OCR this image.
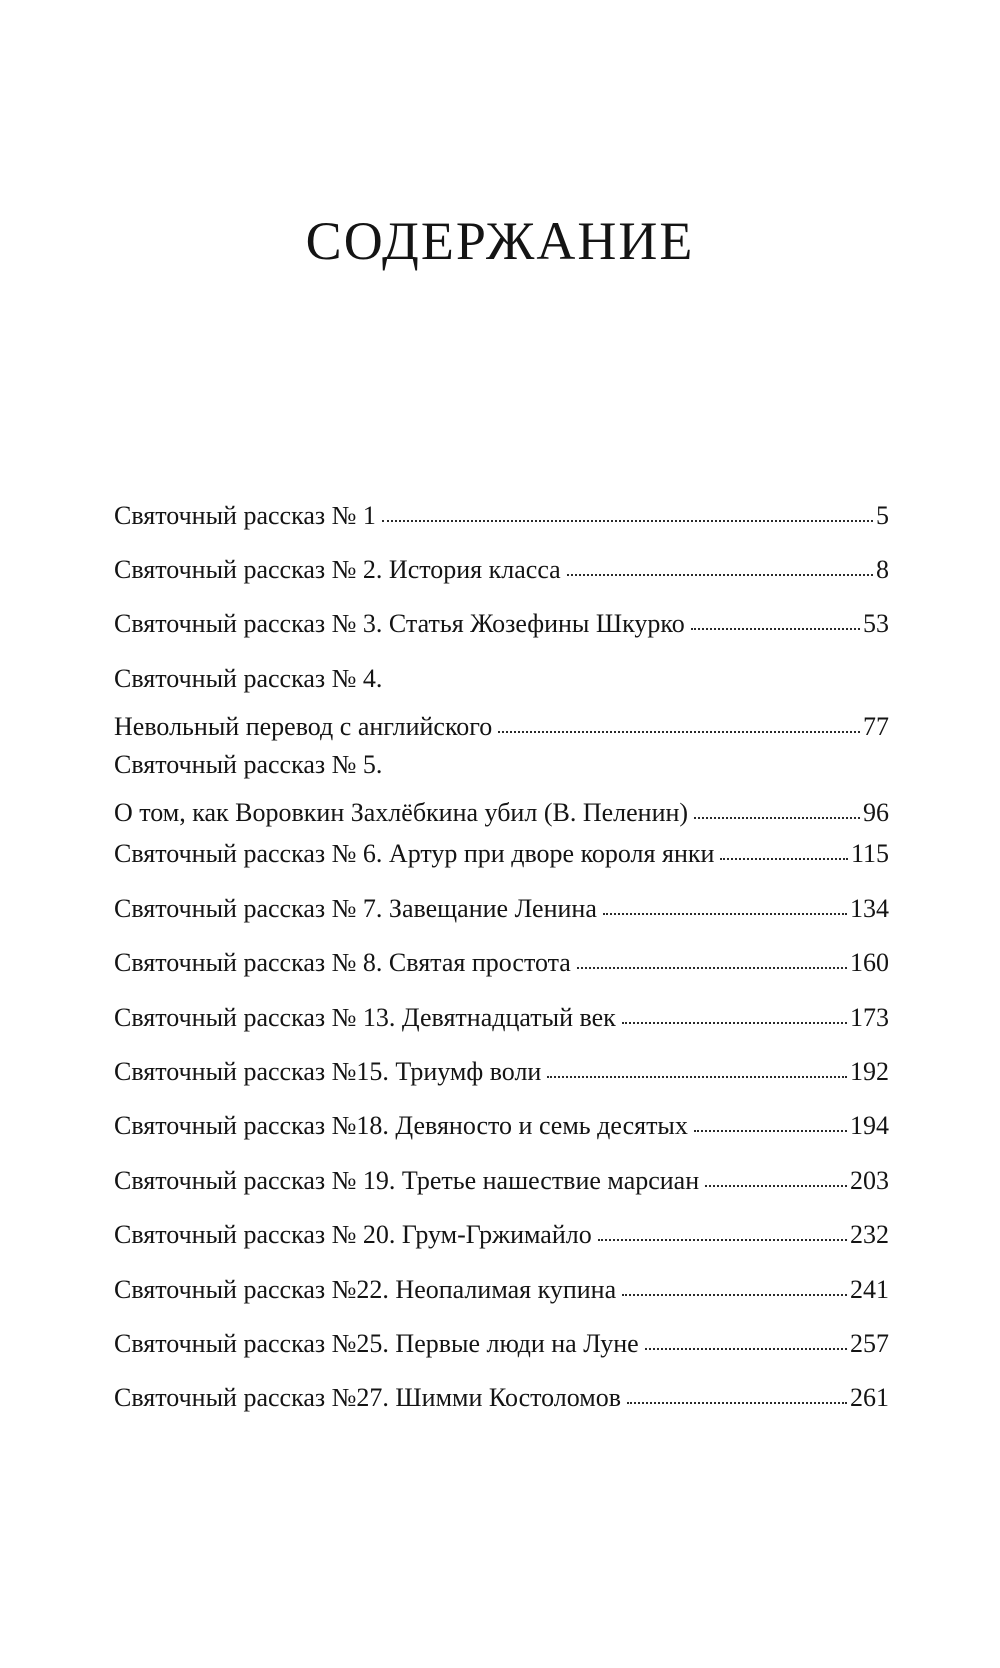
СОДЕРЖАНИЕ
Святочный рассказ № 1	5
Святочный рассказ № 2. История класса	8
Святочный рассказ № 3. Статья Жозефины Шкурко	53
Святочный рассказ № 4.
Невольный перевод с английского	77
Святочный рассказ № 5.
О том, как Воровкин Захлёбкина убил (В. Пеленин)	96
Святочный рассказ № 6. Артур при дворе короля янки	115
Святочный рассказ № 7. Завещание Ленина	134
Святочный рассказ № 8. Святая простота	160
Святочный рассказ № 13. Девятнадцатый век	173
Святочный рассказ №15. Триумф воли	192
Святочный рассказ №18. Девяносто и семь десятых	194
Святочный рассказ № 19. Третье нашествие марсиан	203
Святочный рассказ № 20. Грум-Гржимайло	232
Святочный рассказ №22. Неопалимая купина	241
Святочный рассказ №25. Первые люди на Луне	257
Святочный рассказ №27. Шимми Костоломов	261
